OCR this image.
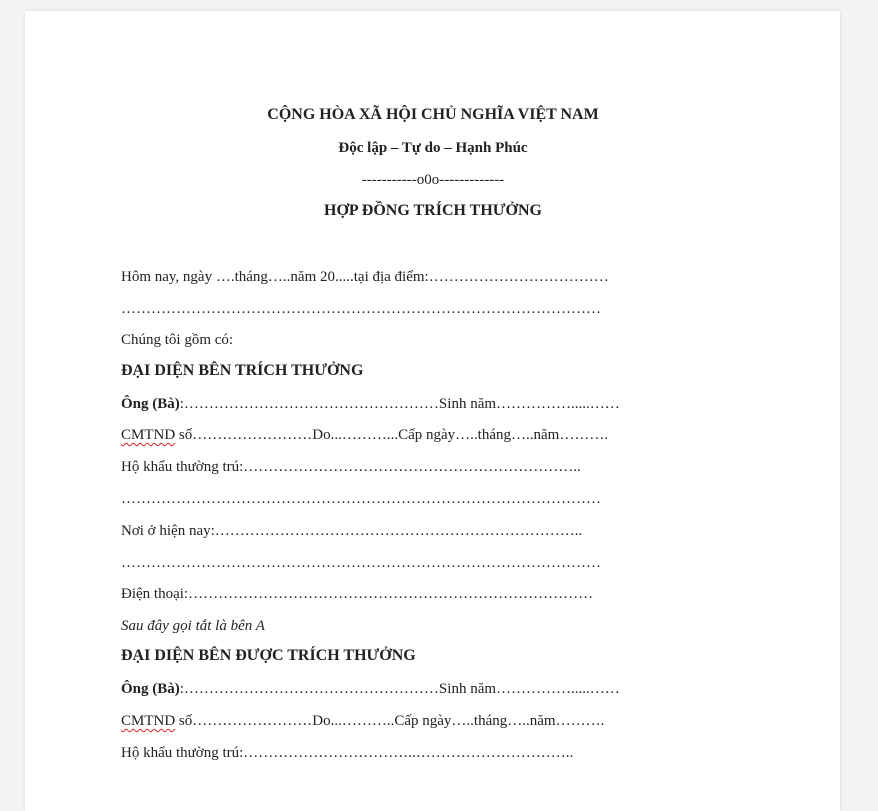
CỘNG HÒA XÃ HỘI CHỦ NGHĨA VIỆT NAM
Độc lập – Tự do – Hạnh Phúc
-----------o0o-------------
HỢP ĐỒNG TRÍCH THƯỞNG
Hôm nay, ngày ….tháng…..năm 20.....tại địa điểm:………………………………
……………………………………………………………………………………
Chúng tôi gồm có:
ĐẠI DIỆN BÊN TRÍCH THƯỞNG
Ông (Bà):……………………………………………Sinh năm…………….....……
CMTND số……………………Do...………...Cấp ngày…..tháng…..năm……….
Hộ khẩu thường trú:…………………………………………………………..
……………………………………………………………………………………
Nơi ở hiện nay:………………………………………………………………..
……………………………………………………………………………………
Điện thoại:………………………………………………………………………
Sau đây gọi tắt là bên A
ĐẠI DIỆN BÊN ĐƯỢC TRÍCH THƯỞNG
Ông (Bà):……………………………………………Sinh năm…………….....……
CMTND số……………………Do...………..Cấp ngày…..tháng…..năm……….
Hộ khẩu thường trú:……………………………..…………………………..
